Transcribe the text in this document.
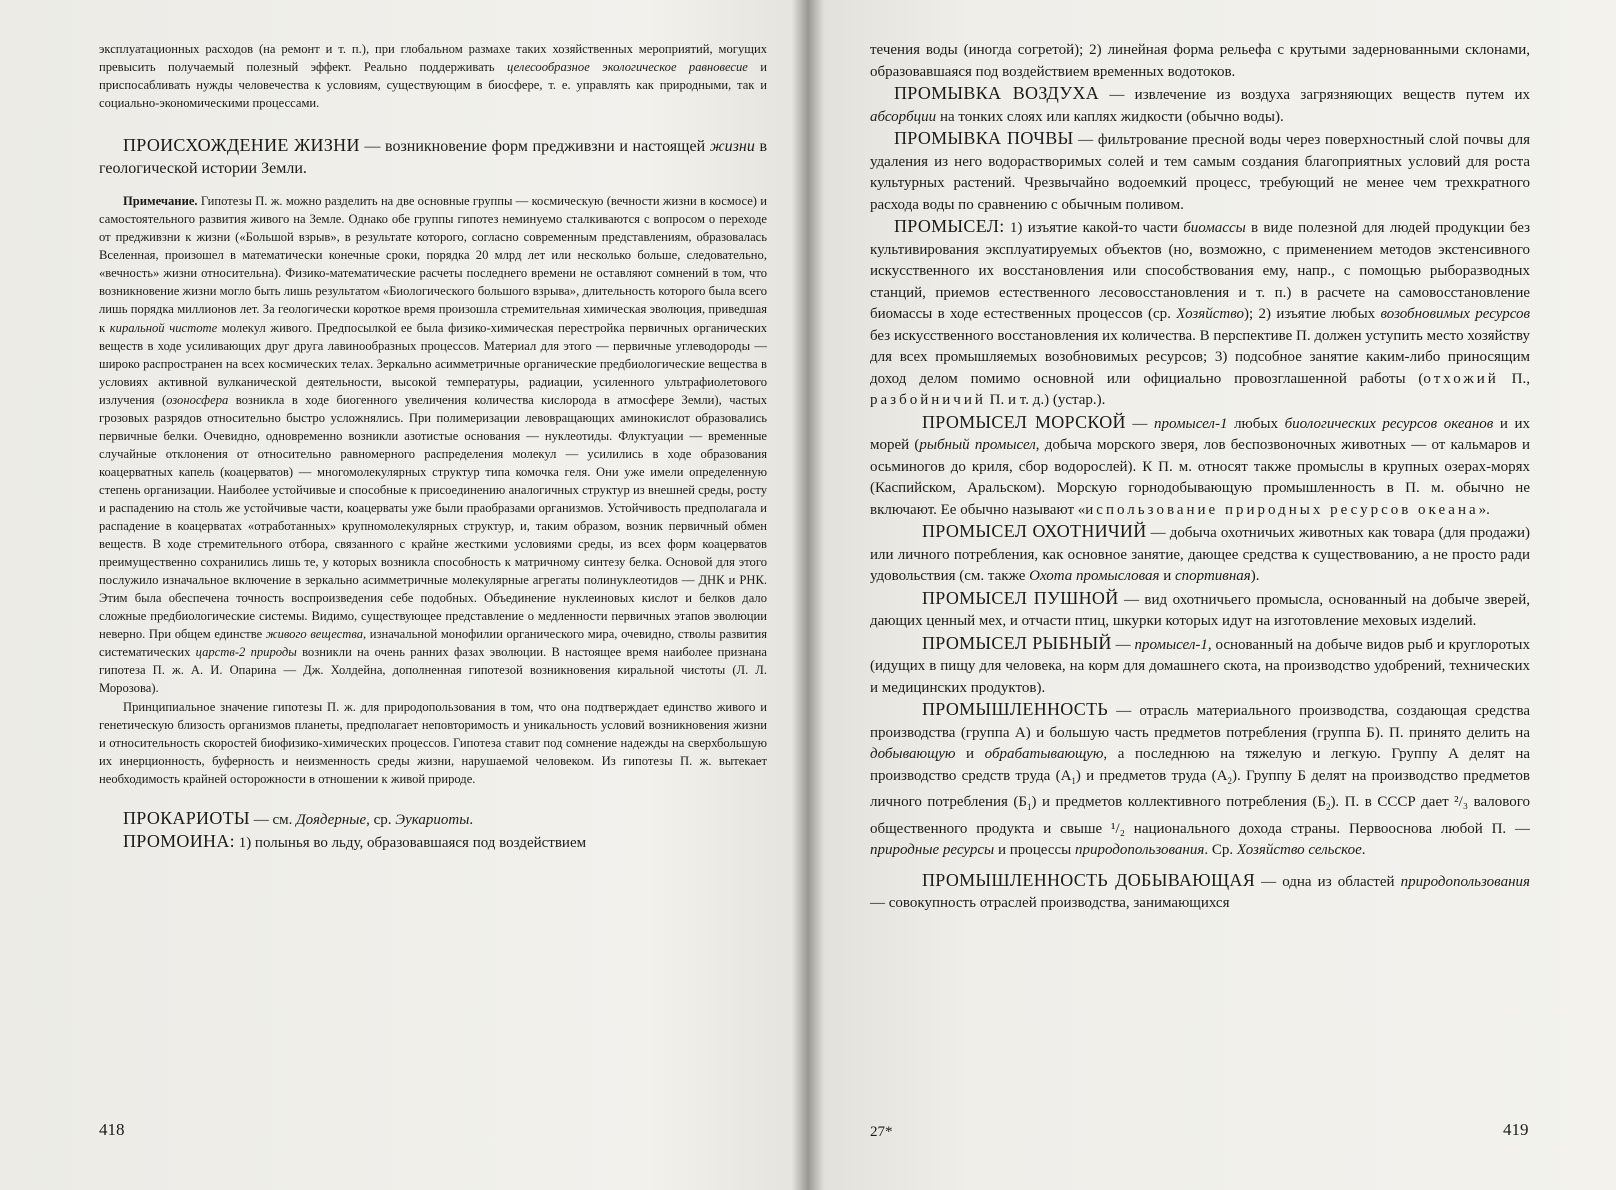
эксплуатационных расходов (на ремонт и т. п.), при глобальном размахе таких хозяйственных мероприятий, могущих превысить получаемый полезный эффект. Реально поддерживать целесообразное экологическое равновесие и приспосабливать нужды человечества к условиям, существующим в биосфере, т. е. управлять как природными, так и социально-экономическими процессами.

ПРОИСХОЖДЕНИЕ ЖИЗНИ — возникновение форм предживзни и настоящей жизни в геологической истории Земли.

Примечание. Гипотезы П. ж. можно разделить на две основные группы — космическую (вечности жизни в космосе) и самостоятельного развития живого на Земле. Однако обе группы гипотез неминуемо сталкиваются с вопросом о переходе от предживзни к жизни («Большой взрыв», в результате которого, согласно современным представлениям, образовалась Вселенная, произошел в математически конечные сроки, порядка 20 млрд лет или несколько больше, следовательно, «вечность» жизни относительна). Физико-математические расчеты последнего времени не оставляют сомнений в том, что возникновение жизни могло быть лишь результатом «Биологического большого взрыва», длительность которого была всего лишь порядка миллионов лет. За геологически короткое время произошла стремительная химическая эволюция, приведшая к киральной чистоте молекул живого. Предпосылкой ее была физико-химическая перестройка первичных органических веществ в ходе усиливающих друг друга лавинообразных процессов. Материал для этого — первичные углеводороды — широко распространен на всех космических телах. Зеркально асимметричные органические предбиологические вещества в условиях активной вулканической деятельности, высокой температуры, радиации, усиленного ультрафиолетового излучения (озоносфера возникла в ходе биогенного увеличения количества кислорода в атмосфере Земли), частых грозовых разрядов относительно быстро усложнялись. При полимеризации левовращающих аминокислот образовались первичные белки. Очевидно, одновременно возникли азотистые основания — нуклеотиды. Флуктуации — временные случайные отклонения от относительно равномерного распределения молекул — усилились в ходе образования коацерватных капель (коацерватов) — многомолекулярных структур типа комочка геля. Они уже имели определенную степень организации. Наиболее устойчивые и способные к присоединению аналогичных структур из внешней среды, росту и распадению на столь же устойчивые части, коацерваты уже были праобразами организмов. Устойчивость предполагала и распадение в коацерватах «отработанных» крупномолекулярных структур, и, таким образом, возник первичный обмен веществ. В ходе стремительного отбора, связанного с крайне жесткими условиями среды, из всех форм коацерватов преимущественно сохранились лишь те, у которых возникла способность к матричному синтезу белка. Основой для этого послужило изначальное включение в зеркально асимметричные молекулярные агрегаты полинуклеотидов — ДНК и РНК. Этим была обеспечена точность воспроизведения себе подобных. Объединение нуклеиновых кислот и белков дало сложные предбиологические системы. Видимо, существующее представление о медленности первичных этапов эволюции неверно. При общем единстве живого вещества, изначальной монофилии органического мира, очевидно, стволы развития систематических царств-2 природы возникли на очень ранних фазах эволюции. В настоящее время наиболее признана гипотеза П. ж. А. И. Опарина — Дж. Холдейна, дополненная гипотезой возникновения киральной чистоты (Л. Л. Морозова).

Принципиальное значение гипотезы П. ж. для природопользования в том, что она подтверждает единство живого и генетическую близость организмов планеты, предполагает неповторимость и уникальность условий возникновения жизни и относительность скоростей биофизико-химических процессов. Гипотеза ставит под сомнение надежды на сверхбольшую их инерционность, буферность и неизменность среды жизни, нарушаемой человеком. Из гипотезы П. ж. вытекает необходимость крайней осторожности в отношении к живой природе.

ПРОКАРИОТЫ — см. Доядерные, ср. Эукариоты.

ПРОМОИНА: 1) полынья во льду, образовавшаяся под воздействием

418

течения воды (иногда согретой); 2) линейная форма рельефа с крутыми задернованными склонами, образовавшаяся под воздействием временных водотоков.

ПРОМЫВКА ВОЗДУХА — извлечение из воздуха загрязняющих веществ путем их абсорбции на тонких слоях или каплях жидкости (обычно воды).

ПРОМЫВКА ПОЧВЫ — фильтрование пресной воды через поверхностный слой почвы для удаления из него водорастворимых солей и тем самым создания благоприятных условий для роста культурных растений. Чрезвычайно водоемкий процесс, требующий не менее чем трехкратного расхода воды по сравнению с обычным поливом.

ПРОМЫСЕЛ: 1) изъятие какой-то части биомассы в виде полезной для людей продукции без культивирования эксплуатируемых объектов (но, возможно, с применением методов экстенсивного искусственного их восстановления или способствования ему, напр., с помощью рыборазводных станций, приемов естественного лесовосстановления и т. п.) в расчете на самовосстановление биомассы в ходе естественных процессов (ср. Хозяйство); 2) изъятие любых возобновимых ресурсов без искусственного восстановления их количества. В перспективе П. должен уступить место хозяйству для всех промышляемых возобновимых ресурсов; 3) подсобное занятие каким-либо приносящим доход делом помимо основной или официально провозглашенной работы (отхожий П., разбойничий П. и т. д.) (устар.).

ПРОМЫСЕЛ МОРСКОЙ — промысел-1 любых биологических ресурсов океанов и их морей (рыбный промысел, добыча морского зверя, лов беспозвоночных животных — от кальмаров и осьминогов до криля, сбор водорослей). К П. м. относят также промыслы в крупных озерах-морях (Каспийском, Аральском). Морскую горнодобывающую промышленность в П. м. обычно не включают. Ее обычно называют «использование природных ресурсов океана».

ПРОМЫСЕЛ ОХОТНИЧИЙ — добыча охотничьих животных как товара (для продажи) или личного потребления, как основное занятие, дающее средства к существованию, а не просто ради удовольствия (см. также Охота промысловая и спортивная).

ПРОМЫСЕЛ ПУШНОЙ — вид охотничьего промысла, основанный на добыче зверей, дающих ценный мех, и отчасти птиц, шкурки которых идут на изготовление меховых изделий.

ПРОМЫСЕЛ РЫБНЫЙ — промысел-1, основанный на добыче видов рыб и круглоротых (идущих в пищу для человека, на корм для домашнего скота, на производство удобрений, технических и медицинских продуктов).

ПРОМЫШЛЕННОСТЬ — отрасль материального производства, создающая средства производства (группа А) и большую часть предметов потребления (группа Б). П. принято делить на добывающую и обрабатывающую, а последнюю на тяжелую и легкую. Группу А делят на производство средств труда $(А_1)$ и предметов труда $(А_2)$. Группу Б делят на производство предметов личного потребления $(Б_1)$ и предметов коллективного потребления $(Б_2)$. П. в СССР дает ²/₃ валового общественного продукта и свыше ¹/₂ национального дохода страны. Первооснова любой П. — природные ресурсы и процессы природопользования. Ср. Хозяйство сельское.

ПРОМЫШЛЕННОСТЬ ДОБЫВАЮЩАЯ — одна из областей природопользования — совокупность отраслей производства, занимающихся

27*	419
